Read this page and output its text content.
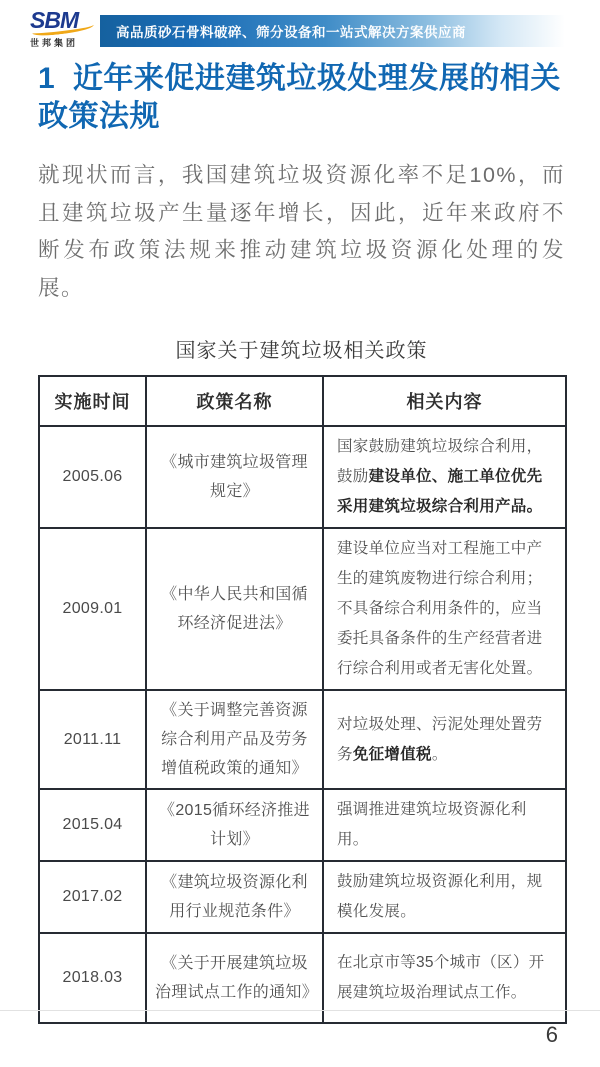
SBM
世邦集团
高品质砂石骨料破碎、筛分设备和一站式解决方案供应商
1  近年来促进建筑垃圾处理发展的相关政策法规

就现状而言，我国建筑垃圾资源化率不足10%，而且建筑垃圾产生量逐年增长，因此，近年来政府不断发布政策法规来推动建筑垃圾资源化处理的发展。

国家关于建筑垃圾相关政策
实施时间	政策名称	相关内容
2005.06	《城市建筑垃圾管理规定》	国家鼓励建筑垃圾综合利用，鼓励建设单位、施工单位优先采用建筑垃圾综合利用产品。
2009.01	《中华人民共和国循环经济促进法》	建设单位应当对工程施工中产生的建筑废物进行综合利用；不具备综合利用条件的，应当委托具备条件的生产经营者进行综合利用或者无害化处置。
2011.11	《关于调整完善资源综合利用产品及劳务增值税政策的通知》	对垃圾处理、污泥处理处置劳务免征增值税。
2015.04	《2015循环经济推进计划》	强调推进建筑垃圾资源化利用。
2017.02	《建筑垃圾资源化利用行业规范条件》	鼓励建筑垃圾资源化利用，规模化发展。
2018.03	《关于开展建筑垃圾治理试点工作的通知》	在北京市等35个城市（区）开展建筑垃圾治理试点工作。
6
